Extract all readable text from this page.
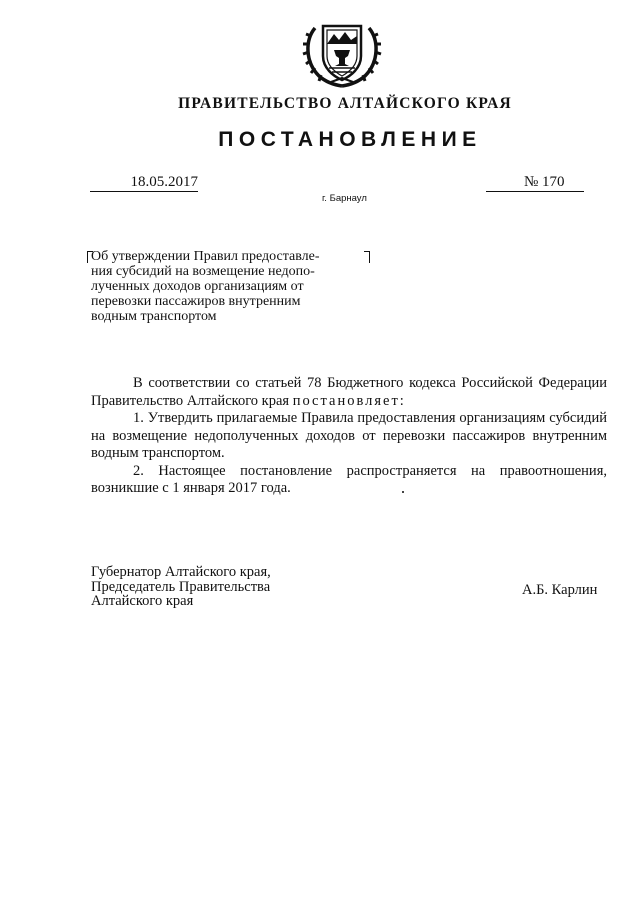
ПРАВИТЕЛЬСТВО АЛТАЙСКОГО КРАЯ
ПОСТАНОВЛЕНИЕ
18.05.2017	№ 170
г. Барнаул
Об утверждении Правил предоставле-
ния субсидий на возмещение недопо-
лученных доходов организациям от
перевозки пассажиров внутренним
водным транспортом

В соответствии со статьей 78 Бюджетного кодекса Российской Федерации Правительство Алтайского края постановляет:

1. Утвердить прилагаемые Правила предоставления организациям субсидий на возмещение недополученных доходов от перевозки пассажиров внутренним водным транспортом.

2. Настоящее постановление распространяется на правоотношения, возникшие с 1 января 2017 года.

Губернатор Алтайского края,
Председатель Правительства
Алтайского края
А.Б. Карлин
